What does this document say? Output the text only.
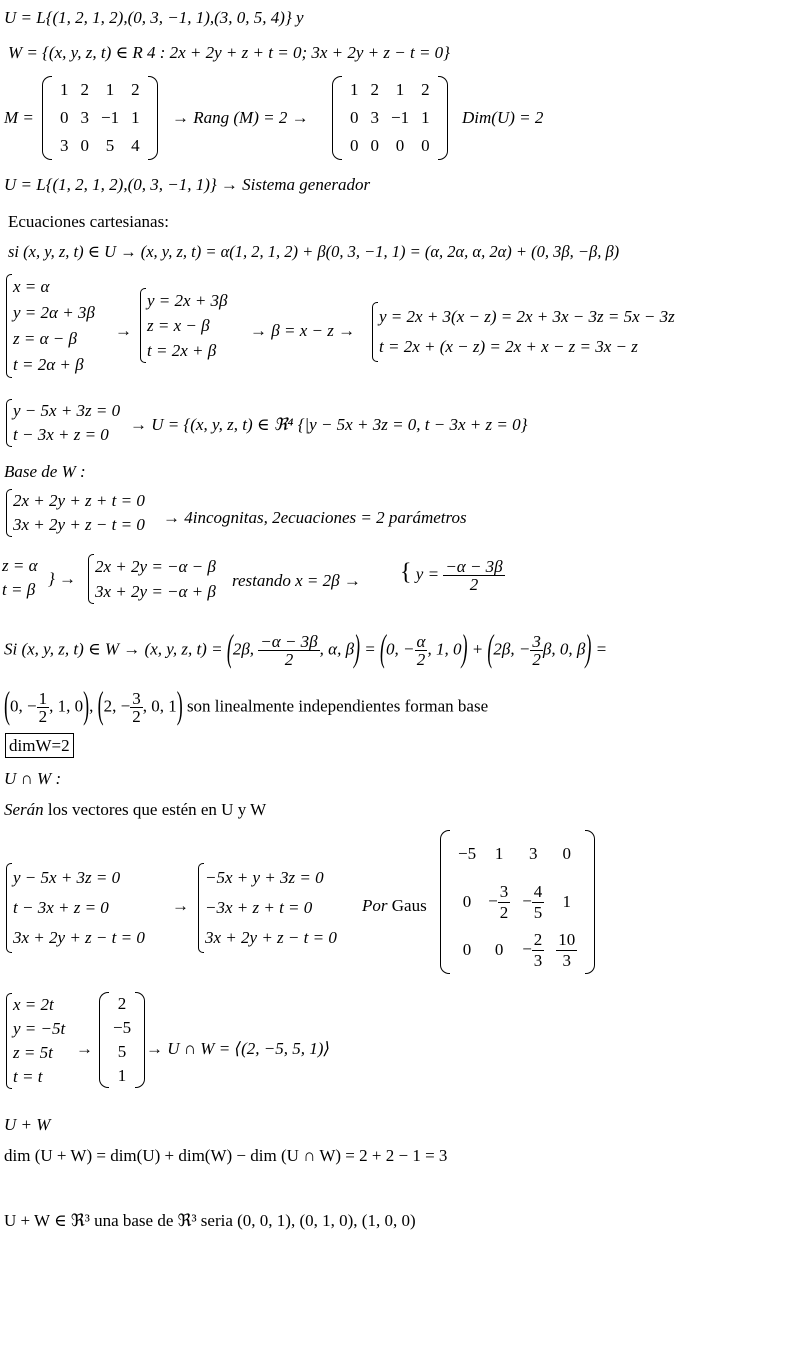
U = L{(1, 2, 1, 2),(0, 3, −1, 1),(3, 0, 5, 4)} y
W = {(x, y, z, t) ∈ R 4 : 2x + 2y + z + t = 0; 3x + 2y + z − t = 0}
M =
1	2	1	2
0	3	−1	1
3	0	5	4
→ Rang (M) = 2 →
1	2	1	2
0	3	−1	1
0	0	0	0
Dim(U) = 2
U = L{(1, 2, 1, 2),(0, 3, −1, 1)} → Sistema generador
Ecuaciones cartesianas:
si (x, y, z, t) ∈ U → (x, y, z, t) = α(1, 2, 1, 2) + β(0, 3, −1, 1) = (α, 2α, α, 2α) + (0, 3β, −β, β)
x = α
y = 2α + 3β
z = α − β
t = 2α + β
→
y = 2x + 3β
z = x − β
t = 2x + β
→ β = x − z →
y = 2x + 3(x − z) = 2x + 3x − 3z = 5x − 3z
t = 2x + (x − z) = 2x + x − z = 3x − z
y − 5x + 3z = 0
t − 3x + z = 0
→ U = {(x, y, z, t) ∈ ℜ⁴ {|y − 5x + 3z = 0, t − 3x + z = 0}
Base de W :
2x + 2y + z + t = 0
3x + 2y + z − t = 0 → 4incognitas, 2ecuaciones = 2 parámetros
z = α
t = β
} →
2x + 2y = −α − β
3x + 2y = −α + β
restando x = 2β → { $y = \frac{-\alpha - 3\beta}{2}$
Si (x, y, z, t) ∈ W → (x, y, z, t) = (2β, $\frac{-\alpha - 3\beta}{2}$ , α, β) = (0, − $\frac{\alpha}{2}$ , 1, 0) + (2β, − $\frac{3}{2} \beta$, 0, β) =
(0, − $\frac{1}{2}$ , 1, 0), (2, − $\frac{3}{2}$ , 0, 1) son linealmente independientes forman base
dimW=2
U ∩ W :
Serán los vectores que estén en U y W
y − 5x + 3z = 0
t − 3x + z = 0
3x + 2y + z − t = 0
→
−5x + y + 3z = 0
−3x + z + t = 0
3x + 2y + z − t = 0
Por Gaus
−5	1	3	0
0	− $\frac{3}{2}$	− $\frac{4}{5}$	1
0	0	− $\frac{2}{3}$	$\frac{10}{3}$
x = 2t
y = −5t
z = 5t
t = t
→
2
−5
5
1
→ U ∩ W = ⟨(2, −5, 5, 1)⟩
U + W
dim (U + W) = dim(U) + dim(W) − dim (U ∩ W) = 2 + 2 − 1 = 3
U + W ∈ ℜ³ una base de ℜ³ seria (0, 0, 1), (0, 1, 0), (1, 0, 0)
